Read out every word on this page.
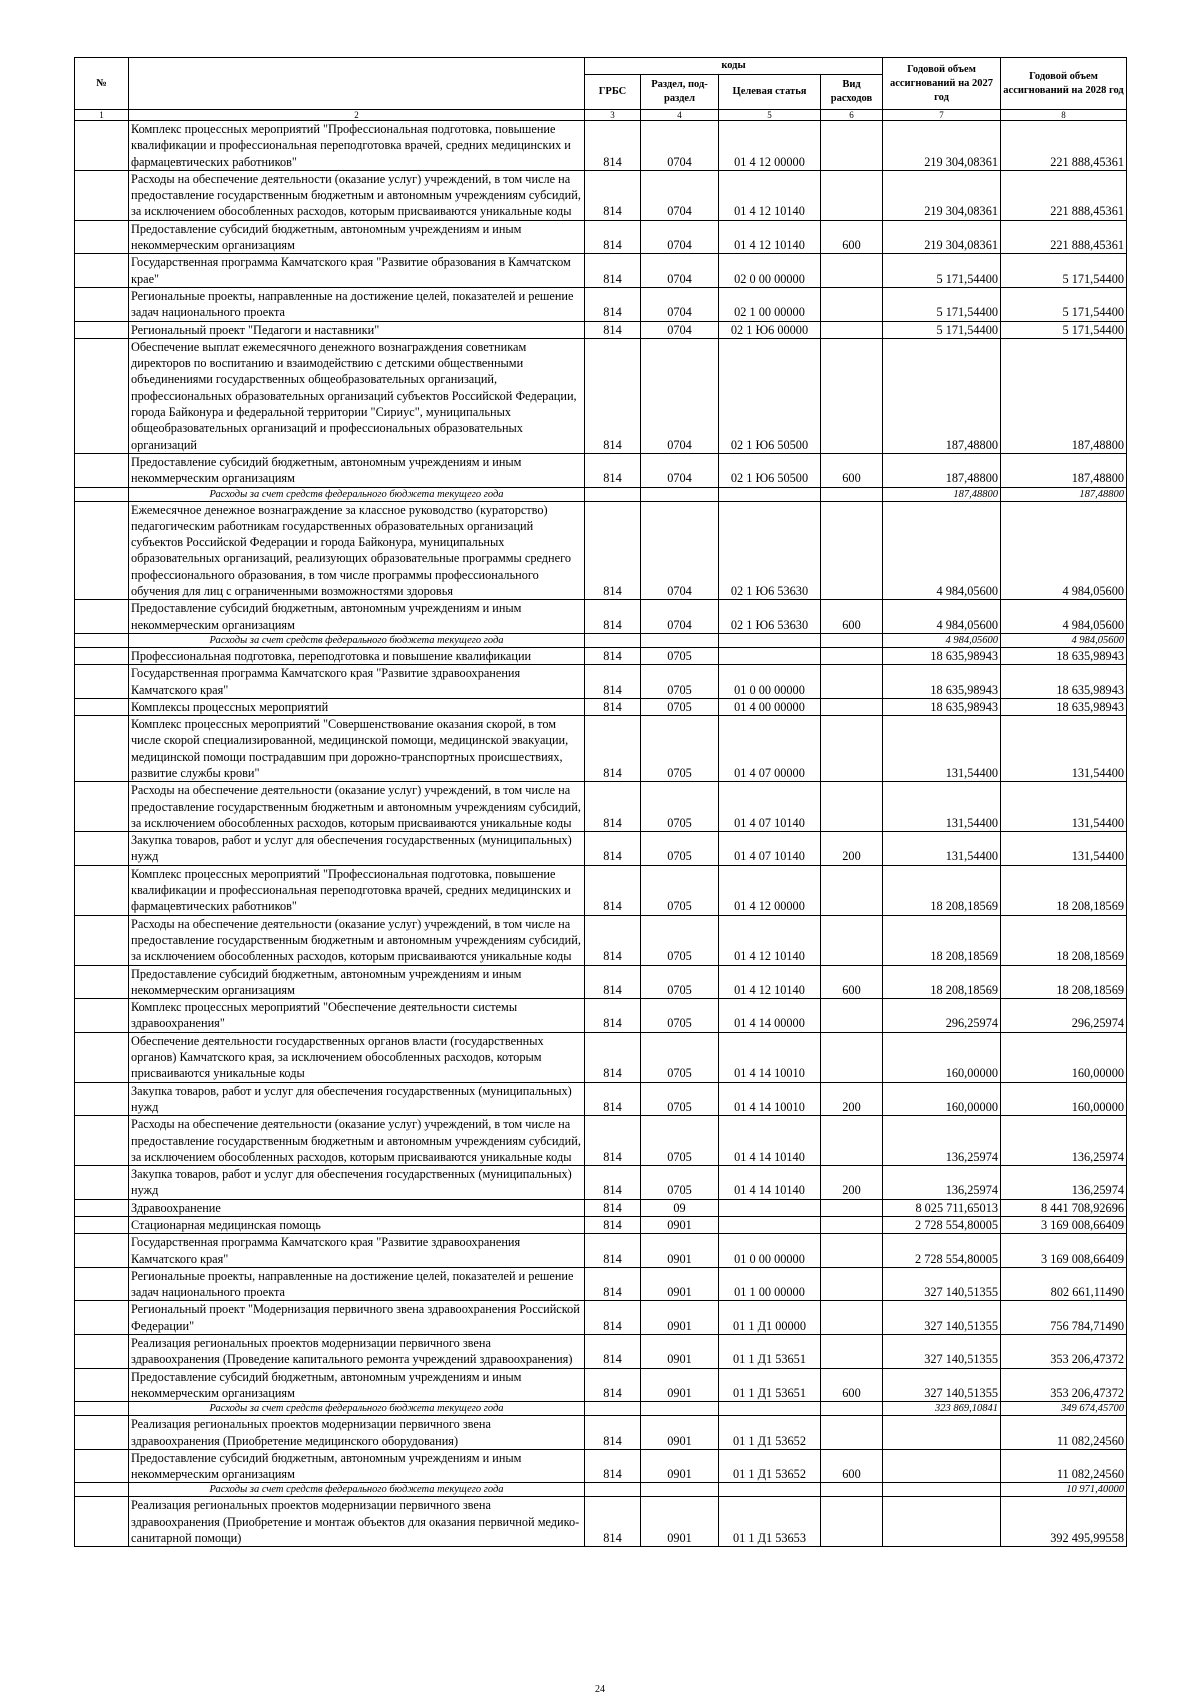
№		коды				Годовой объем ассигнований на 2027 год	Годовой объем ассигнований на 2028 год
		ГРБС	Раздел, под-раздел	Целевая статья	Вид расходов		
1	2	3	4	5	6	7	8
	Комплекс процессных мероприятий "Профессиональная подготовка, повышение квалификации и профессиональная переподготовка врачей, средних медицинских и фармацевтических работников"	814	0704	01 4 12 00000		219 304,08361	221 888,45361
	Расходы на обеспечение деятельности (оказание услуг) учреждений, в том числе на предоставление государственным бюджетным и автономным учреждениям субсидий, за исключением обособленных расходов, которым присваиваются уникальные коды	814	0704	01 4 12 10140		219 304,08361	221 888,45361
	Предоставление субсидий бюджетным, автономным учреждениям и иным некоммерческим организациям	814	0704	01 4 12 10140	600	219 304,08361	221 888,45361
	Государственная программа Камчатского края "Развитие образования в Камчатском крае"	814	0704	02 0 00 00000		5 171,54400	5 171,54400
	Региональные проекты, направленные на достижение целей, показателей и решение задач национального проекта	814	0704	02 1 00 00000		5 171,54400	5 171,54400
	Региональный проект "Педагоги и наставники"	814	0704	02 1 Ю6 00000		5 171,54400	5 171,54400
	Обеспечение выплат ежемесячного денежного вознаграждения советникам директоров по воспитанию и взаимодействию с детскими общественными объединениями государственных общеобразовательных организаций, профессиональных образовательных организаций субъектов Российской Федерации, города Байконура и федеральной территории "Сириус", муниципальных общеобразовательных организаций и профессиональных образовательных организаций	814	0704	02 1 Ю6 50500		187,48800	187,48800
	Предоставление субсидий бюджетным, автономным учреждениям и иным некоммерческим организациям	814	0704	02 1 Ю6 50500	600	187,48800	187,48800
	Расходы за счет средств федерального бюджета текущего года					187,48800	187,48800
	Ежемесячное денежное вознаграждение за классное руководство (кураторство) педагогическим работникам государственных образовательных организаций субъектов Российской Федерации и города Байконура, муниципальных образовательных организаций, реализующих образовательные программы среднего профессионального образования, в том числе программы профессионального обучения для лиц с ограниченными возможностями здоровья	814	0704	02 1 Ю6 53630		4 984,05600	4 984,05600
	Предоставление субсидий бюджетным, автономным учреждениям и иным некоммерческим организациям	814	0704	02 1 Ю6 53630	600	4 984,05600	4 984,05600
	Расходы за счет средств федерального бюджета текущего года					4 984,05600	4 984,05600
	Профессиональная подготовка, переподготовка и повышение квалификации	814	0705			18 635,98943	18 635,98943
	Государственная программа Камчатского края "Развитие здравоохранения Камчатского края"	814	0705	01 0 00 00000		18 635,98943	18 635,98943
	Комплексы процессных мероприятий	814	0705	01 4 00 00000		18 635,98943	18 635,98943
	Комплекс процессных мероприятий "Совершенствование оказания скорой, в том числе скорой специализированной, медицинской помощи, медицинской эвакуации, медицинской помощи пострадавшим при дорожно-транспортных происшествиях, развитие службы крови"	814	0705	01 4 07 00000		131,54400	131,54400
	Расходы на обеспечение деятельности (оказание услуг) учреждений, в том числе на предоставление государственным бюджетным и автономным учреждениям субсидий, за исключением обособленных расходов, которым присваиваются уникальные коды	814	0705	01 4 07 10140		131,54400	131,54400
	Закупка товаров, работ и услуг для обеспечения государственных (муниципальных) нужд	814	0705	01 4 07 10140	200	131,54400	131,54400
	Комплекс процессных мероприятий "Профессиональная подготовка, повышение квалификации и профессиональная переподготовка врачей, средних медицинских и фармацевтических работников"	814	0705	01 4 12 00000		18 208,18569	18 208,18569
	Расходы на обеспечение деятельности (оказание услуг) учреждений, в том числе на предоставление государственным бюджетным и автономным учреждениям субсидий, за исключением обособленных расходов, которым присваиваются уникальные коды	814	0705	01 4 12 10140		18 208,18569	18 208,18569
	Предоставление субсидий бюджетным, автономным учреждениям и иным некоммерческим организациям	814	0705	01 4 12 10140	600	18 208,18569	18 208,18569
	Комплекс процессных мероприятий "Обеспечение деятельности системы здравоохранения"	814	0705	01 4 14 00000		296,25974	296,25974
	Обеспечение деятельности государственных органов власти (государственных органов) Камчатского края, за исключением обособленных расходов, которым присваиваются уникальные коды	814	0705	01 4 14 10010		160,00000	160,00000
	Закупка товаров, работ и услуг для обеспечения государственных (муниципальных) нужд	814	0705	01 4 14 10010	200	160,00000	160,00000
	Расходы на обеспечение деятельности (оказание услуг) учреждений, в том числе на предоставление государственным бюджетным и автономным учреждениям субсидий, за исключением обособленных расходов, которым присваиваются уникальные коды	814	0705	01 4 14 10140		136,25974	136,25974
	Закупка товаров, работ и услуг для обеспечения государственных (муниципальных) нужд	814	0705	01 4 14 10140	200	136,25974	136,25974
	Здравоохранение	814	09			8 025 711,65013	8 441 708,92696
	Стационарная медицинская помощь	814	0901			2 728 554,80005	3 169 008,66409
	Государственная программа Камчатского края "Развитие здравоохранения Камчатского края"	814	0901	01 0 00 00000		2 728 554,80005	3 169 008,66409
	Региональные проекты, направленные на достижение целей, показателей и решение задач национального проекта	814	0901	01 1 00 00000		327 140,51355	802 661,11490
	Региональный проект "Модернизация первичного звена здравоохранения Российской Федерации"	814	0901	01 1 Д1 00000		327 140,51355	756 784,71490
	Реализация региональных проектов модернизации первичного звена здравоохранения (Проведение капитального ремонта учреждений здравоохранения)	814	0901	01 1 Д1 53651		327 140,51355	353 206,47372
	Предоставление субсидий бюджетным, автономным учреждениям и иным некоммерческим организациям	814	0901	01 1 Д1 53651	600	327 140,51355	353 206,47372
	Расходы за счет средств федерального бюджета текущего года					323 869,10841	349 674,45700
	Реализация региональных проектов модернизации первичного звена здравоохранения (Приобретение медицинского оборудования)	814	0901	01 1 Д1 53652			11 082,24560
	Предоставление субсидий бюджетным, автономным учреждениям и иным некоммерческим организациям	814	0901	01 1 Д1 53652	600		11 082,24560
	Расходы за счет средств федерального бюджета текущего года						10 971,40000
	Реализация региональных проектов модернизации первичного звена здравоохранения (Приобретение и монтаж объектов для оказания первичной медико-санитарной помощи)	814	0901	01 1 Д1 53653			392 495,99558
24
